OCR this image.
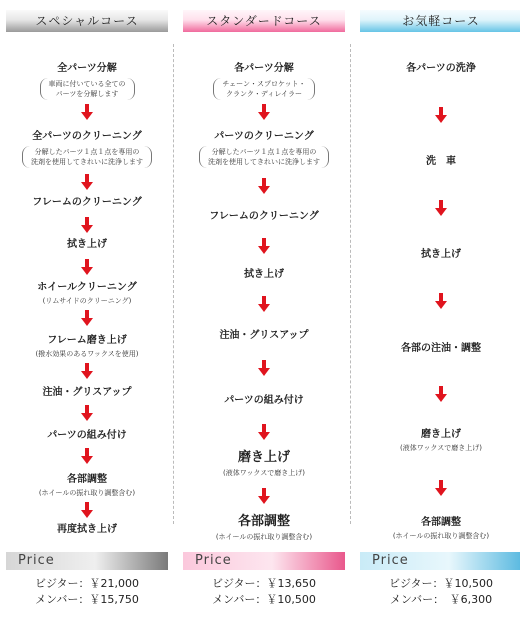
スペシャルコース
全パーツ分解
車両に付いている全ての
パーツを分解します
全パーツのクリーニング
分解したパーツ１点１点を専用の
洗剤を使用してきれいに洗浄します
フレームのクリーニング
拭き上げ
ホイールクリーニング
(リムサイドのクリーニング)
フレーム磨き上げ
(撥水効果のあるワックスを使用)
注油・グリスアップ
パーツの組み付け
各部調整
(ホイールの振れ取り調整含む)
再度拭き上げ
Price
ビジター：￥21,000
メンバー：￥15,750
スタンダードコース
各パーツ分解
チェーン・スプロケット・
クランク・ディレイラー
パーツのクリーニング
分解したパーツ１点１点を専用の
洗剤を使用してきれいに洗浄します
フレームのクリーニング
拭き上げ
注油・グリスアップ
パーツの組み付け
磨き上げ
(液体ワックスで磨き上げ)
各部調整
(ホイールの振れ取り調整含む)
Price
ビジター：￥13,650
メンバー：￥10,500
お気軽コース
各パーツの洗浄
洗　車
拭き上げ
各部の注油・調整
磨き上げ
(液体ワックスで磨き上げ)
各部調整
(ホイールの振れ取り調整含む)
Price
ビジター：￥10,500
メンバー：　￥6,300
